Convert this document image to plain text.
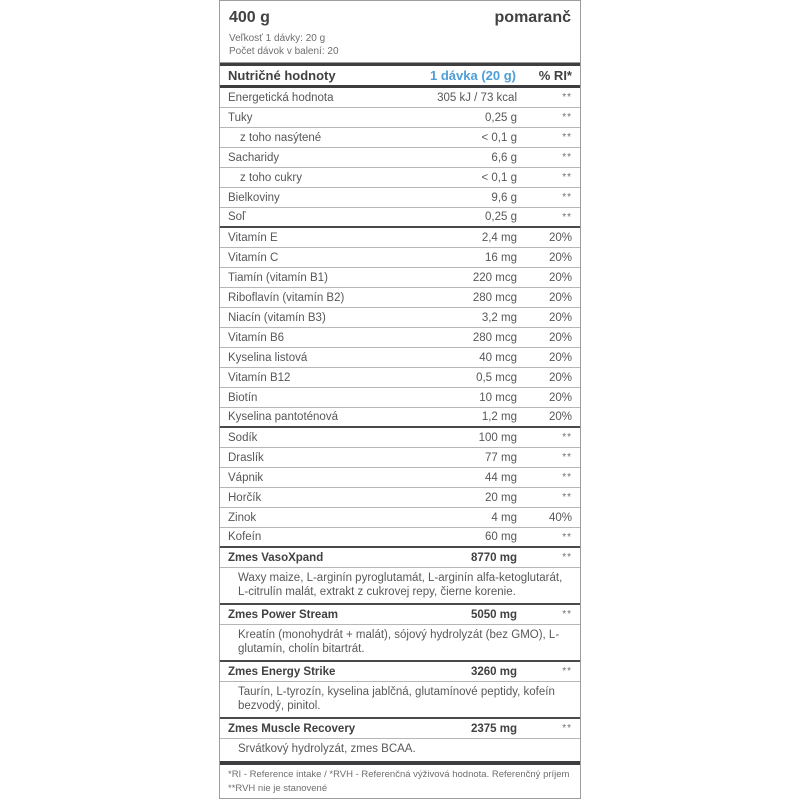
400 g	pomaranč
Veľkosť 1 dávky: 20 g
Počet dávok v balení: 20
Nutričné hodnoty	1 dávka (20 g)	% RI*
Energetická hodnota	305 kJ / 73 kcal	**
Tuky	0,25 g	**
z toho nasýtené	< 0,1 g	**
Sacharidy	6,6 g	**
z toho cukry	< 0,1 g	**
Bielkoviny	9,6 g	**
Soľ	0,25 g	**
Vitamín E	2,4 mg	20%
Vitamín C	16 mg	20%
Tiamín (vitamín B1)	220 mcg	20%
Riboflavín (vitamín B2)	280 mcg	20%
Niacín (vitamín B3)	3,2 mg	20%
Vitamín B6	280 mcg	20%
Kyselina listová	40 mcg	20%
Vitamín B12	0,5 mcg	20%
Biotín	10 mcg	20%
Kyselina pantoténová	1,2 mg	20%
Sodík	100 mg	**
Draslík	77 mg	**
Vápnik	44 mg	**
Horčík	20 mg	**
Zinok	4 mg	40%
Kofeín	60 mg	**
Zmes VasoXpand	8770 mg	**
Waxy maize, L-arginín pyroglutamát, L-arginín alfa-ketoglutarát, L-citrulín malát, extrakt z cukrovej repy, čierne korenie.
Zmes Power Stream	5050 mg	**
Kreatín (monohydrát + malát), sójový hydrolyzát (bez GMO), L-glutamín, cholín bitartrát.
Zmes Energy Strike	3260 mg	**
Taurín, L-tyrozín, kyselina jablčná, glutamínové peptidy, kofeín bezvodý, pinitol.
Zmes Muscle Recovery	2375 mg	**
Srvátkový hydrolyzát, zmes BCAA.
*RI - Reference intake / *RVH - Referenčná výživová hodnota. Referenčný príjem
**RVH nie je stanovené
